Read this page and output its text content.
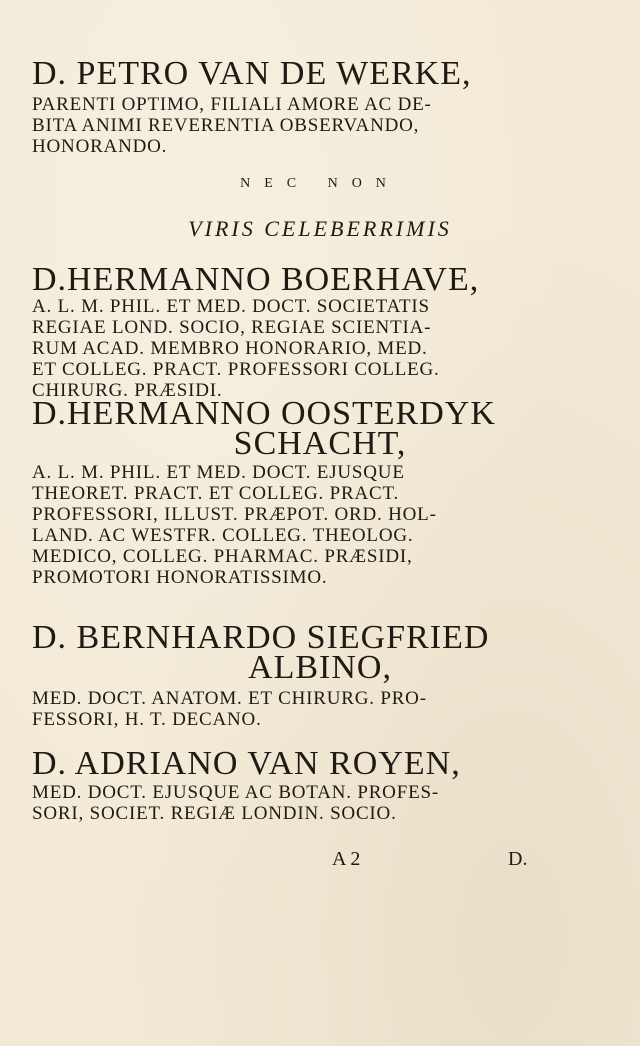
D. PETRO VAN DE WERKE,
PARENTI OPTIMO, FILIALI AMORE AC DE-
BITA ANIMI REVERENTIA OBSERVANDO,
HONORANDO.
NEC NON
VIRIS CELEBERRIMIS
D.HERMANNO BOERHAVE,
A. L. M. PHIL. ET MED. DOCT. SOCIETATIS
REGIAE LOND. SOCIO, REGIAE SCIENTIA-
RUM ACAD. MEMBRO HONORARIO, MED.
ET COLLEG. PRACT. PROFESSORI COLLEG.
CHIRURG. PRÆSIDI.
D.HERMANNO OOSTERDYK
SCHACHT,
A. L. M. PHIL. ET MED. DOCT. EJUSQUE
THEORET. PRACT. ET COLLEG. PRACT.
PROFESSORI, ILLUST. PRÆPOT. ORD. HOL-
LAND. AC WESTFR. COLLEG. THEOLOG.
MEDICO, COLLEG. PHARMAC. PRÆSIDI,
PROMOTORI HONORATISSIMO.
D. BERNHARDO SIEGFRIED
ALBINO,
MED. DOCT. ANATOM. ET CHIRURG. PRO-
FESSORI, H. T. DECANO.
D. ADRIANO VAN ROYEN,
MED. DOCT. EJUSQUE AC BOTAN. PROFES-
SORI, SOCIET. REGIÆ LONDIN. SOCIO.
A 2	D.
